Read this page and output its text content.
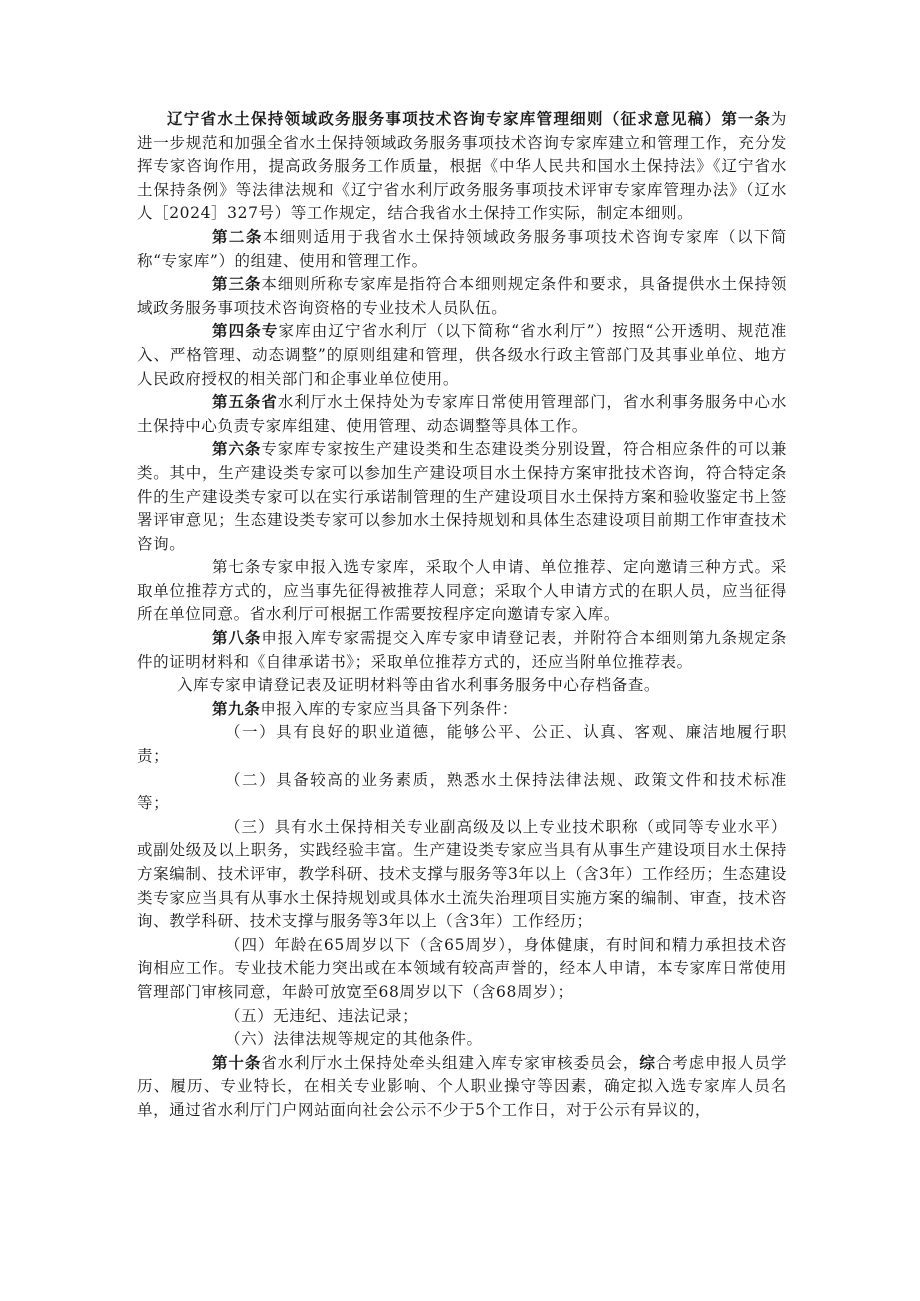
辽宁省水土保持领域政务服务事项技术咨询专家库管理细则（征求意见稿）第一条为进一步规范和加强全省水土保持领域政务服务事项技术咨询专家库建立和管理工作，充分发挥专家咨询作用，提高政务服务工作质量，根据《中华人民共和国水土保持法》《辽宁省水土保持条例》等法律法规和《辽宁省水利厅政务服务事项技术评审专家库管理办法》（辽水人［2024］327号）等工作规定，结合我省水土保持工作实际，制定本细则。

第二条本细则适用于我省水土保持领域政务服务事项技术咨询专家库（以下简称“专家库”）的组建、使用和管理工作。

第三条本细则所称专家库是指符合本细则规定条件和要求，具备提供水土保持领域政务服务事项技术咨询资格的专业技术人员队伍。

第四条专家库由辽宁省水利厅（以下简称“省水利厅”）按照“公开透明、规范准入、严格管理、动态调整”的原则组建和管理，供各级水行政主管部门及其事业单位、地方人民政府授权的相关部门和企事业单位使用。

第五条省水利厅水土保持处为专家库日常使用管理部门，省水利事务服务中心水土保持中心负责专家库组建、使用管理、动态调整等具体工作。

第六条专家库专家按生产建设类和生态建设类分别设置，符合相应条件的可以兼类。其中，生产建设类专家可以参加生产建设项目水土保持方案审批技术咨询，符合特定条件的生产建设类专家可以在实行承诺制管理的生产建设项目水土保持方案和验收鉴定书上签署评审意见；生态建设类专家可以参加水土保持规划和具体生态建设项目前期工作审查技术咨询。

第七条专家申报入选专家库，采取个人申请、单位推荐、定向邀请三种方式。采取单位推荐方式的，应当事先征得被推荐人同意；采取个人申请方式的在职人员，应当征得所在单位同意。省水利厅可根据工作需要按程序定向邀请专家入库。

第八条申报入库专家需提交入库专家申请登记表，并附符合本细则第九条规定条件的证明材料和《自律承诺书》；采取单位推荐方式的，还应当附单位推荐表。

入库专家申请登记表及证明材料等由省水利事务服务中心存档备查。

第九条申报入库的专家应当具备下列条件：

（一）具有良好的职业道德，能够公平、公正、认真、客观、廉洁地履行职责；

（二）具备较高的业务素质，熟悉水土保持法律法规、政策文件和技术标准等；

（三）具有水土保持相关专业副高级及以上专业技术职称（或同等专业水平）或副处级及以上职务，实践经验丰富。生产建设类专家应当具有从事生产建设项目水土保持方案编制、技术评审，教学科研、技术支撑与服务等3年以上（含3年）工作经历；生态建设类专家应当具有从事水土保持规划或具体水土流失治理项目实施方案的编制、审查，技术咨询、教学科研、技术支撑与服务等3年以上（含3年）工作经历；

（四）年龄在65周岁以下（含65周岁），身体健康，有时间和精力承担技术咨询相应工作。专业技术能力突出或在本领域有较高声誉的，经本人申请，本专家库日常使用管理部门审核同意，年龄可放宽至68周岁以下（含68周岁）；

（五）无违纪、违法记录；

（六）法律法规等规定的其他条件。

第十条省水利厅水土保持处牵头组建入库专家审核委员会，综合考虑申报人员学历、履历、专业特长，在相关专业影响、个人职业操守等因素，确定拟入选专家库人员名单，通过省水利厅门户网站面向社会公示不少于5个工作日，对于公示有异议的，
